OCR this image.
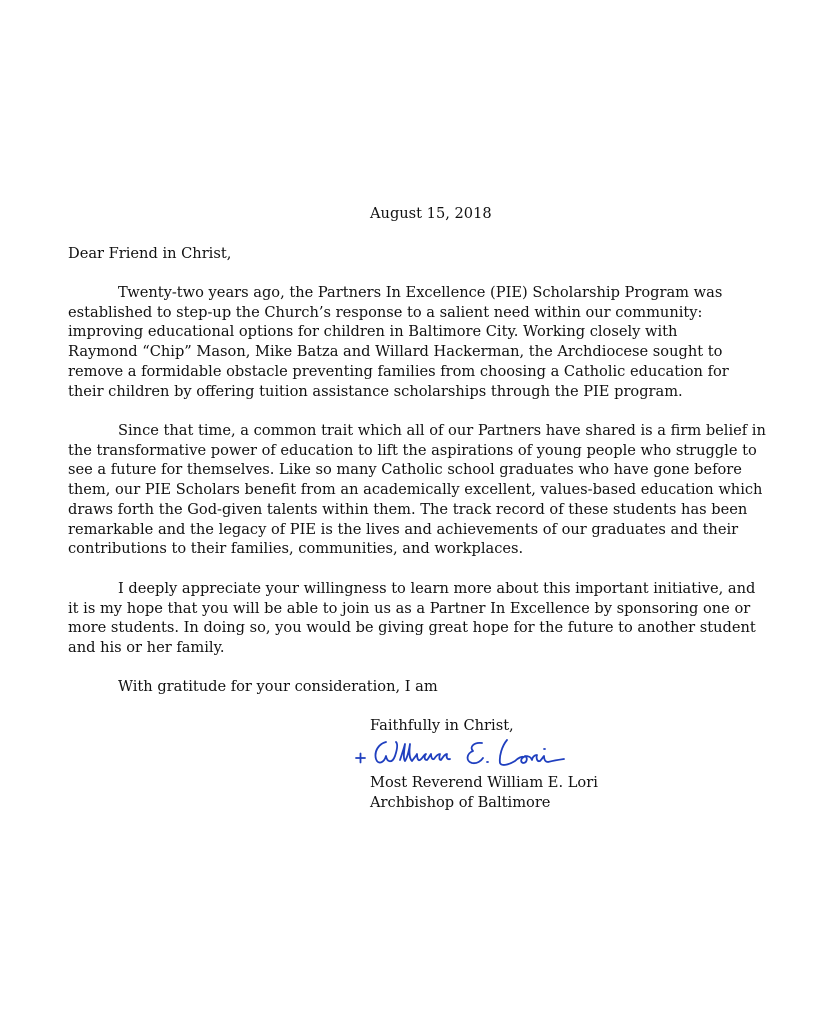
August 15, 2018
Dear Friend in Christ,
Twenty-two years ago, the Partners In Excellence (PIE) Scholarship Program was
established to step-up the Church’s response to a salient need within our community:
improving educational options for children in Baltimore City. Working closely with
Raymond “Chip” Mason, Mike Batza and Willard Hackerman, the Archdiocese sought to
remove a formidable obstacle preventing families from choosing a Catholic education for
their children by offering tuition assistance scholarships through the PIE program.
Since that time, a common trait which all of our Partners have shared is a firm belief in
the transformative power of education to lift the aspirations of young people who struggle to
see a future for themselves. Like so many Catholic school graduates who have gone before
them, our PIE Scholars benefit from an academically excellent, values-based education which
draws forth the God-given talents within them. The track record of these students has been
remarkable and the legacy of PIE is the lives and achievements of our graduates and their
contributions to their families, communities, and workplaces.
I deeply appreciate your willingness to learn more about this important initiative, and
it is my hope that you will be able to join us as a Partner In Excellence by sponsoring one or
more students. In doing so, you would be giving great hope for the future to another student
and his or her family.
With gratitude for your consideration, I am
Faithfully in Christ,
Most Reverend William E. Lori
Archbishop of Baltimore
